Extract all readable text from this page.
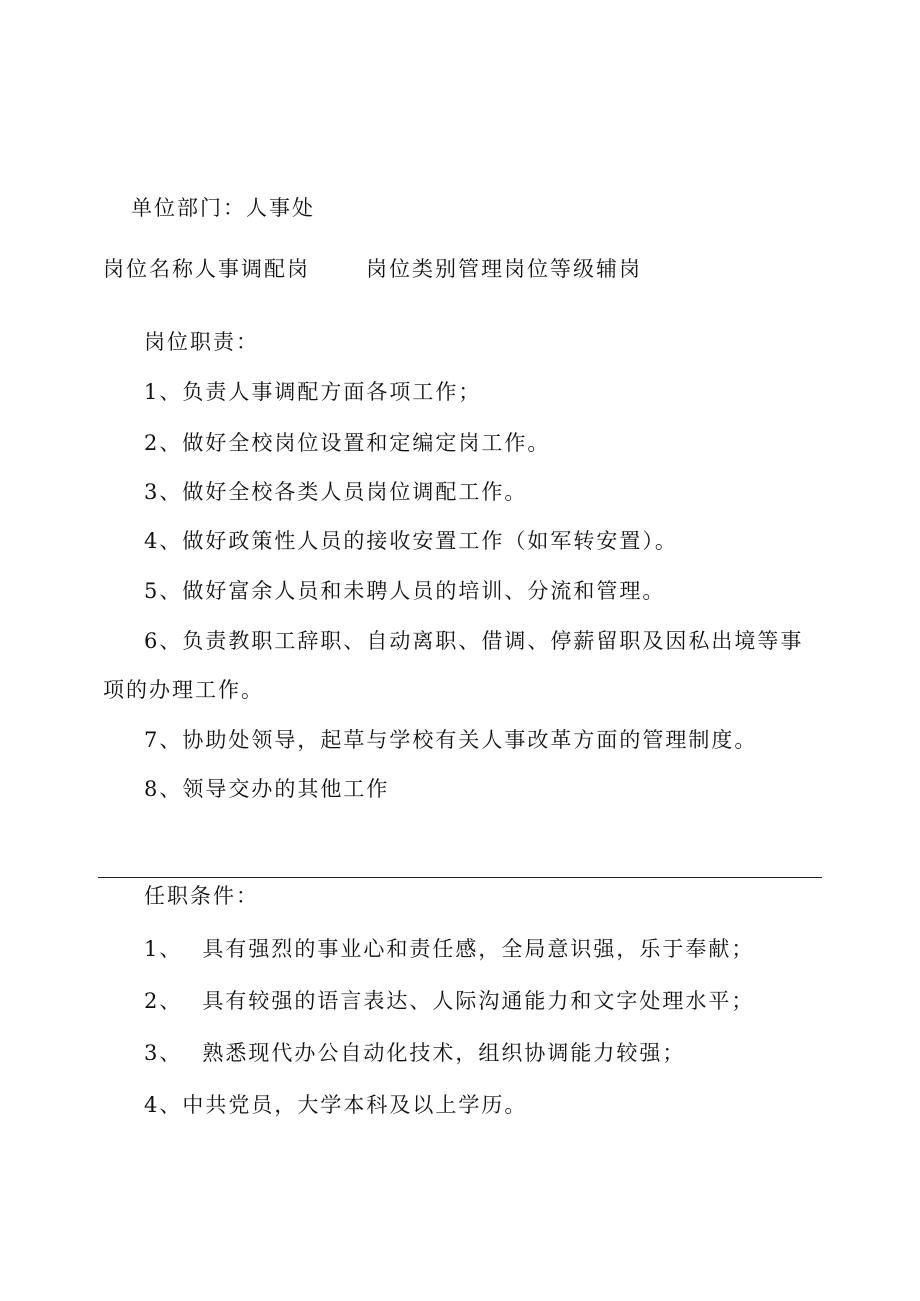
单位部门：人事处
岗位名称人事调配岗	岗位类别管理岗位等级辅岗
岗位职责：
1、负责人事调配方面各项工作；
2、做好全校岗位设置和定编定岗工作。
3、做好全校各类人员岗位调配工作。
4、做好政策性人员的接收安置工作（如军转安置）。
5、做好富余人员和未聘人员的培训、分流和管理。
6、负责教职工辞职、自动离职、借调、停薪留职及因私出境等事
项的办理工作。
7、协助处领导，起草与学校有关人事改革方面的管理制度。
8、领导交办的其他工作
任职条件：
1、 具有强烈的事业心和责任感，全局意识强，乐于奉献；
2、 具有较强的语言表达、人际沟通能力和文字处理水平；
3、 熟悉现代办公自动化技术，组织协调能力较强；
4、中共党员，大学本科及以上学历。
